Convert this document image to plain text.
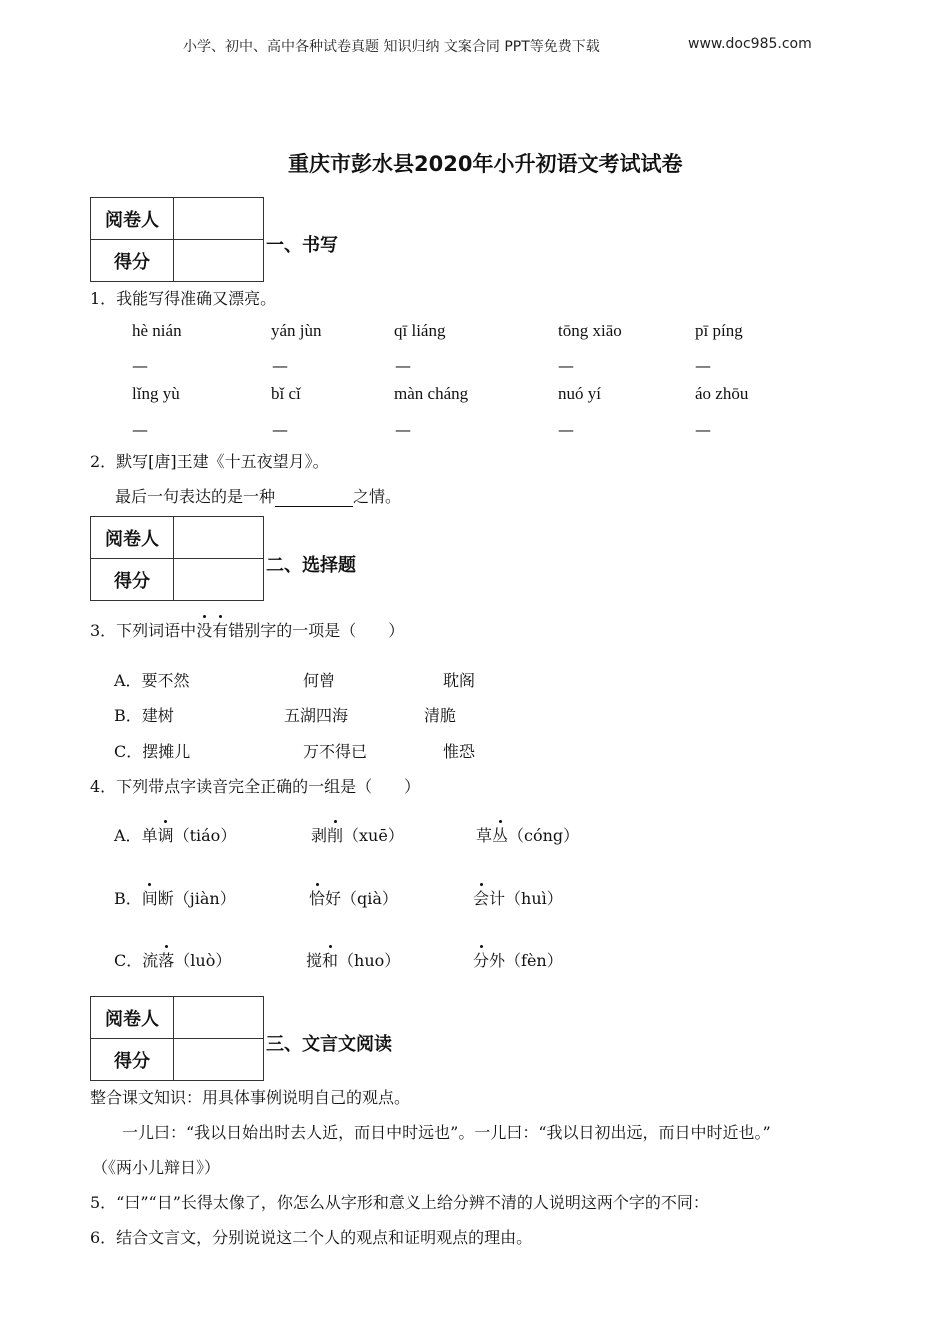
小学、初中、高中各种试卷真题 知识归纳 文案合同 PPT等免费下载	www.doc985.com
重庆市彭水县2020年小升初语文考试试卷
阅卷人	
得分	
一、书写
1．我能写得准确又漂亮。
hè nián	yán jùn	qī liáng	tōng xiāo	pī píng
—	—	—	—	—
lǐng yù	bǐ cǐ	màn cháng	nuó yí	áo zhōu
—	—	—	—	—
2．默写[唐]王建《十五夜望月》。
最后一句表达的是一种	之情。
阅卷人	
得分	
二、选择题
3．下列词语中没有错别字的一项是（　　）
A．要不然	何曾	耽阁
B．建树	五湖四海	清脆
C．摆摊儿	万不得已	惟恐
4．下列带点字读音完全正确的一组是（　　）
A．单调（tiáo）	剥削（xuē）	草丛（cóng）
B．间断（jiàn）	恰好（qià）	会计（huì）
C．流落（luò）	搅和（huo）	分外（fèn）
阅卷人	
得分	
三、文言文阅读
整合课文知识：用具体事例说明自己的观点。
一儿曰：“我以日始出时去人近，而日中时远也”。一儿曰：“我以日初出远，而日中时近也。”
（《两小儿辩日》）
5．“曰”“日”长得太像了，你怎么从字形和意义上给分辨不清的人说明这两个字的不同：
6．结合文言文，分别说说这二个人的观点和证明观点的理由。
